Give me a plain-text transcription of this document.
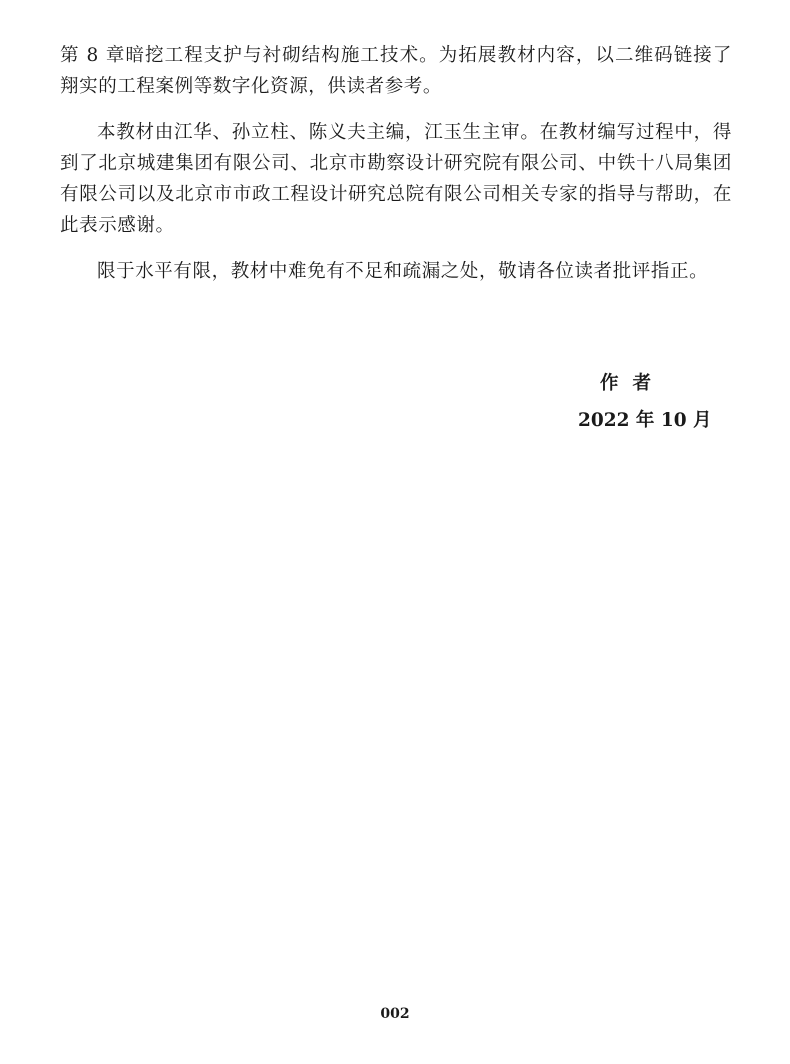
第 8 章暗挖工程支护与衬砌结构施工技术。为拓展教材内容，以二维码链接了翔实的工程案例等数字化资源，供读者参考。

本教材由江华、孙立柱、陈义夫主编，江玉生主审。在教材编写过程中，得到了北京城建集团有限公司、北京市勘察设计研究院有限公司、中铁十八局集团有限公司以及北京市市政工程设计研究总院有限公司相关专家的指导与帮助，在此表示感谢。

限于水平有限，教材中难免有不足和疏漏之处，敬请各位读者批评指正。

作者

2022 年 10 月

002
